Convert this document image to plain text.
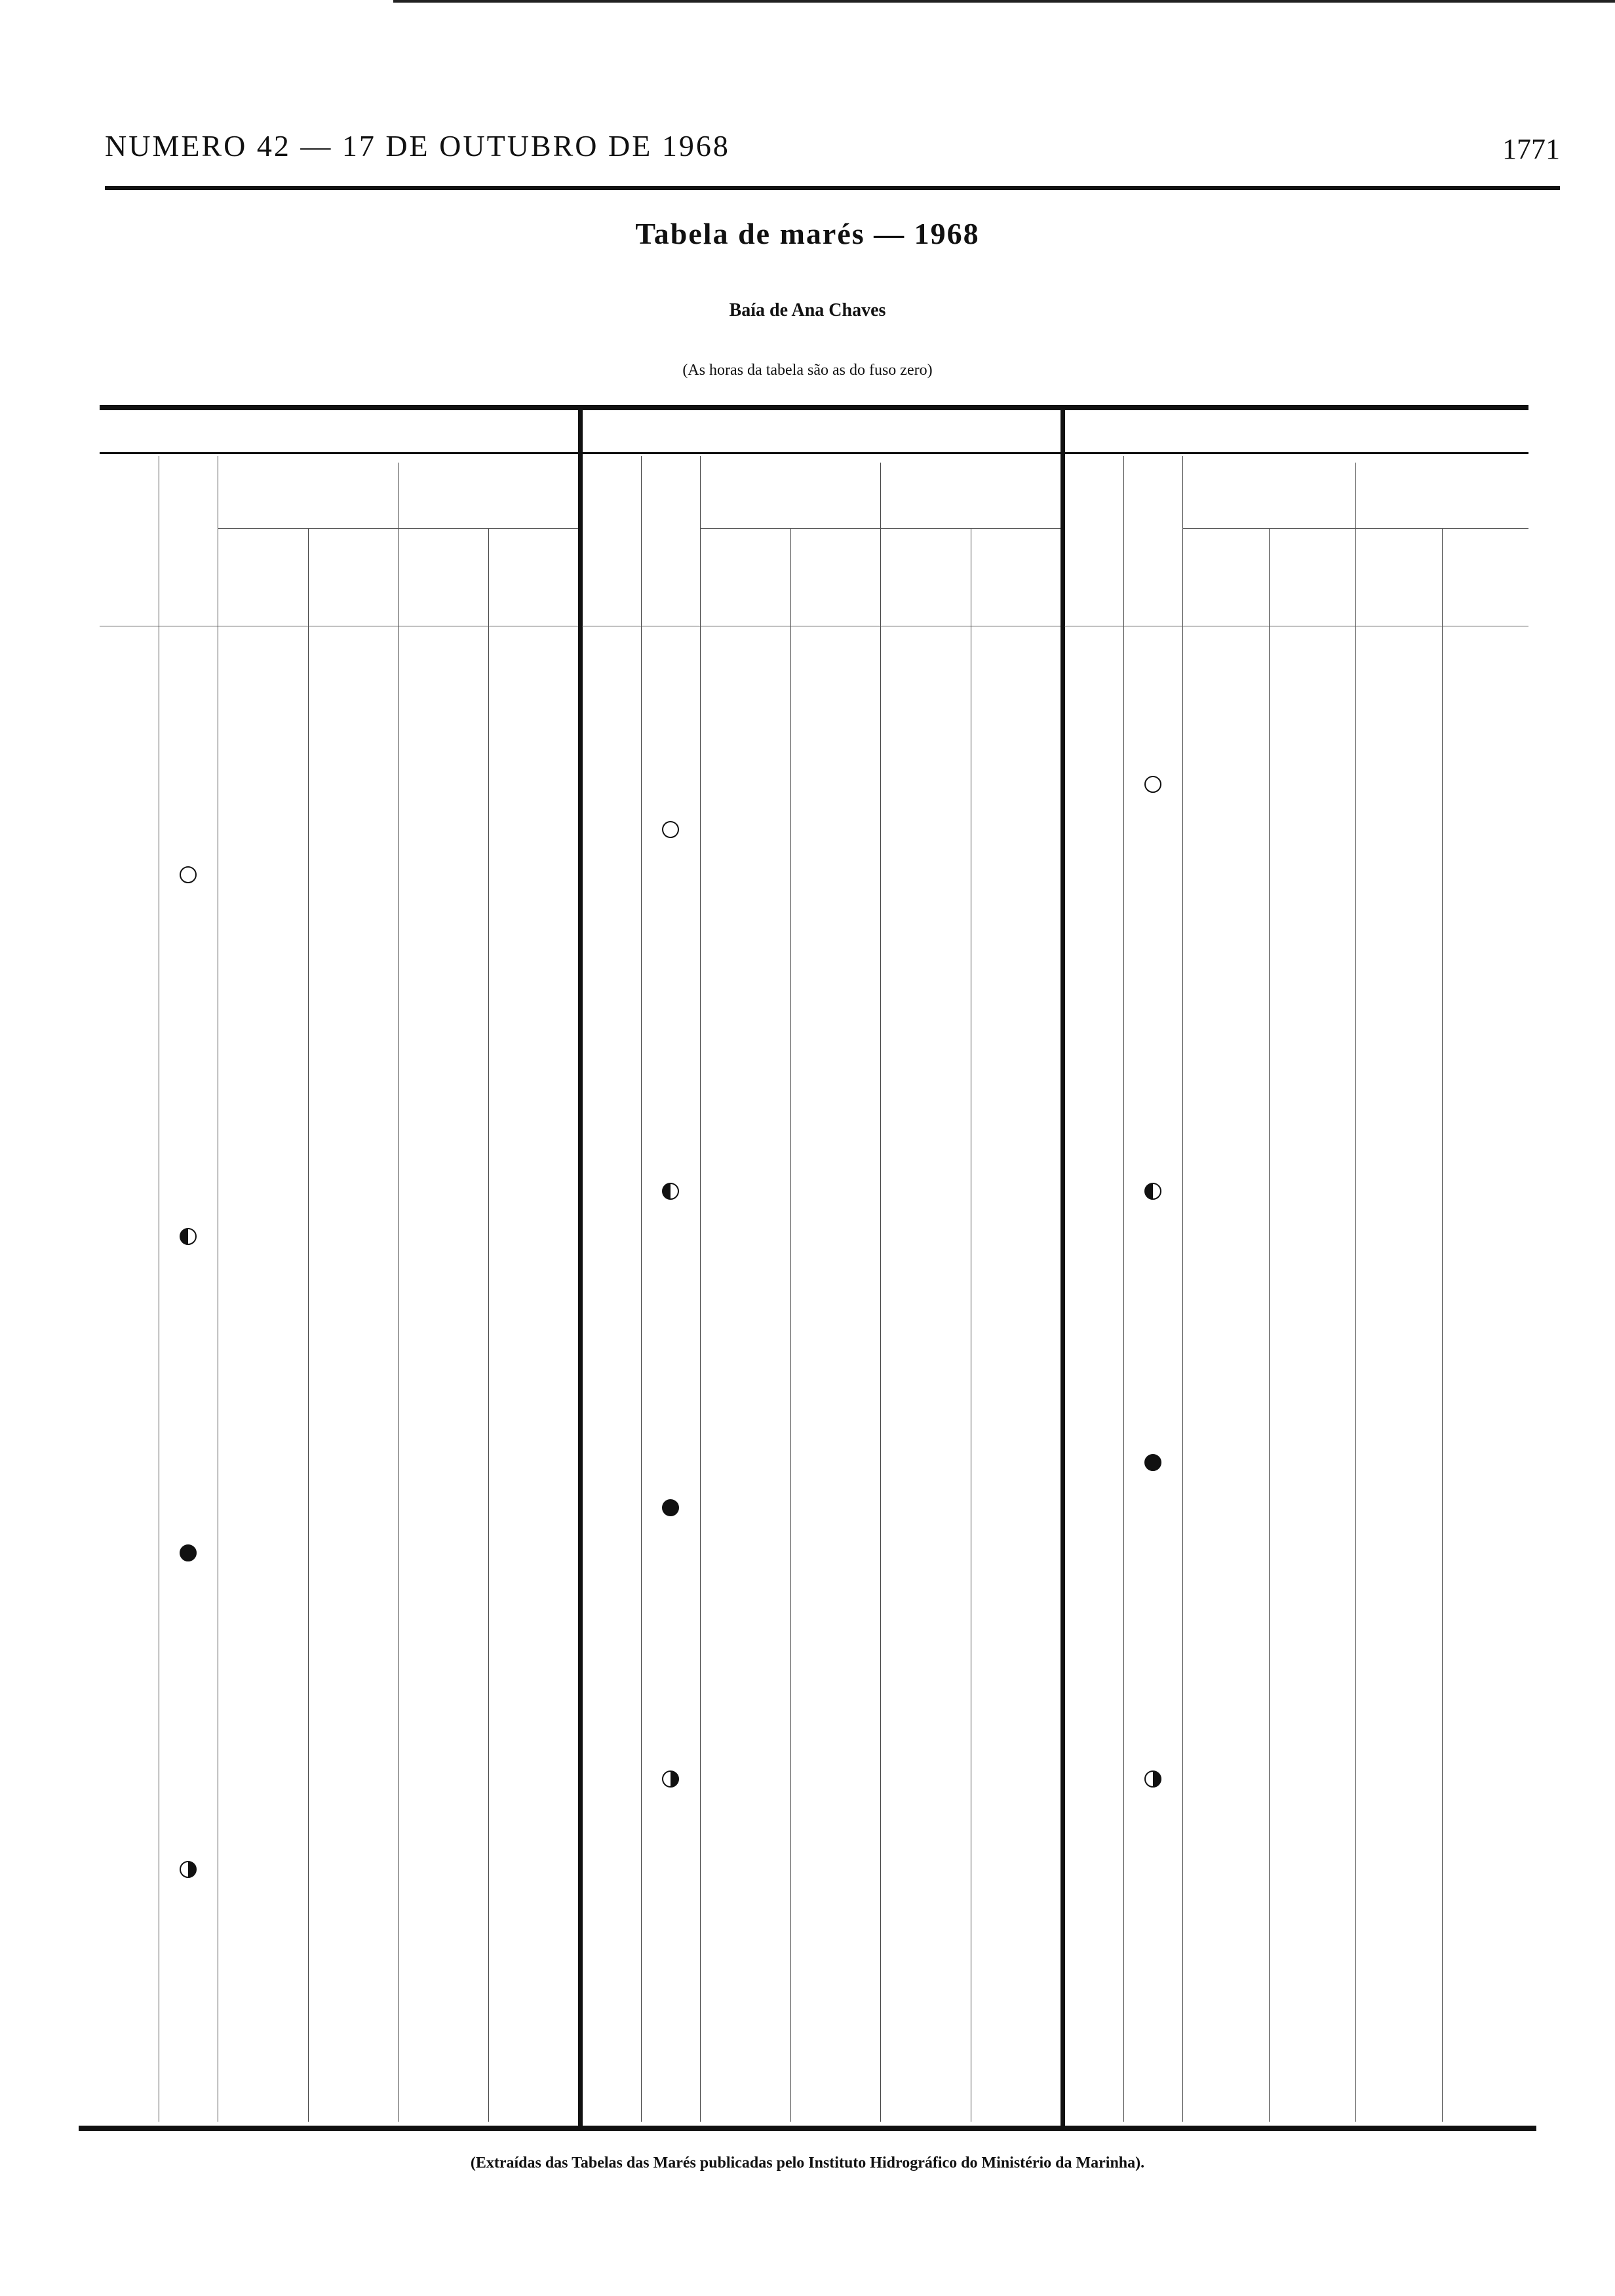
NUMERO 42 — 17 DE OUTUBRO DE 1968	1771
Tabela de marés — 1968
Baía de Ana Chaves
(As horas da tabela são as do fuso zero)
(Extraídas das Tabelas das Marés publicadas pelo Instituto Hidrográfico do Ministério da Marinha).
